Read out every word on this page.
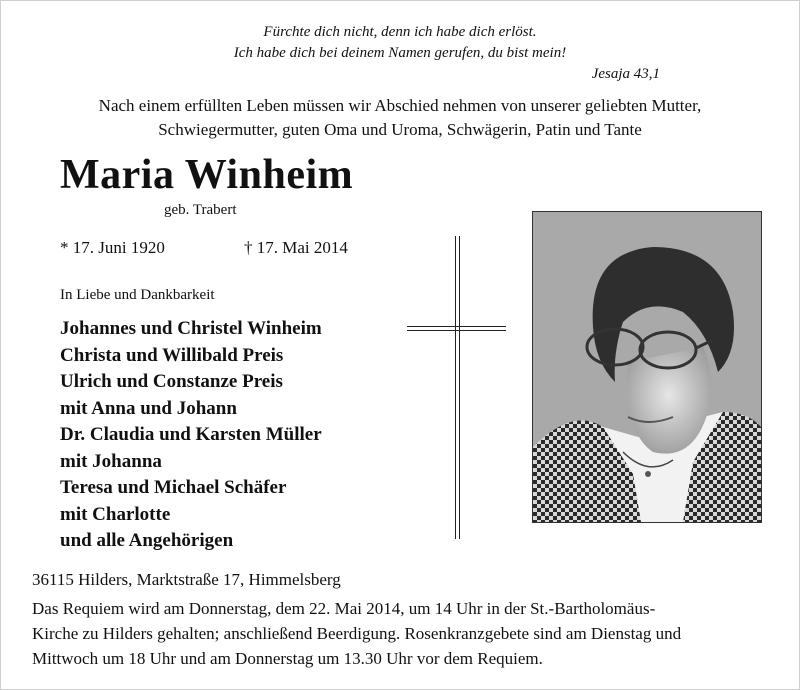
Fürchte dich nicht, denn ich habe dich erlöst.
Ich habe dich bei deinem Namen gerufen, du bist mein!
Jesaja 43,1
Nach einem erfüllten Leben müssen wir Abschied nehmen von unserer geliebten Mutter,
Schwiegermutter, guten Oma und Uroma, Schwägerin, Patin und Tante
Maria Winheim
geb. Trabert
* 17. Juni 1920	† 17. Mai 2014
In Liebe und Dankbarkeit
Johannes und Christel Winheim
Christa und Willibald Preis
Ulrich und Constanze Preis
mit Anna und Johann
Dr. Claudia und Karsten Müller
mit Johanna
Teresa und Michael Schäfer
mit Charlotte
und alle Angehörigen
36115 Hilders, Marktstraße 17, Himmelsberg
Das Requiem wird am Donnerstag, dem 22. Mai 2014, um 14 Uhr in der St.-Bartholomäus-
Kirche zu Hilders gehalten; anschließend Beerdigung. Rosenkranzgebete sind am Dienstag und
Mittwoch um 18 Uhr und am Donnerstag um 13.30 Uhr vor dem Requiem.
